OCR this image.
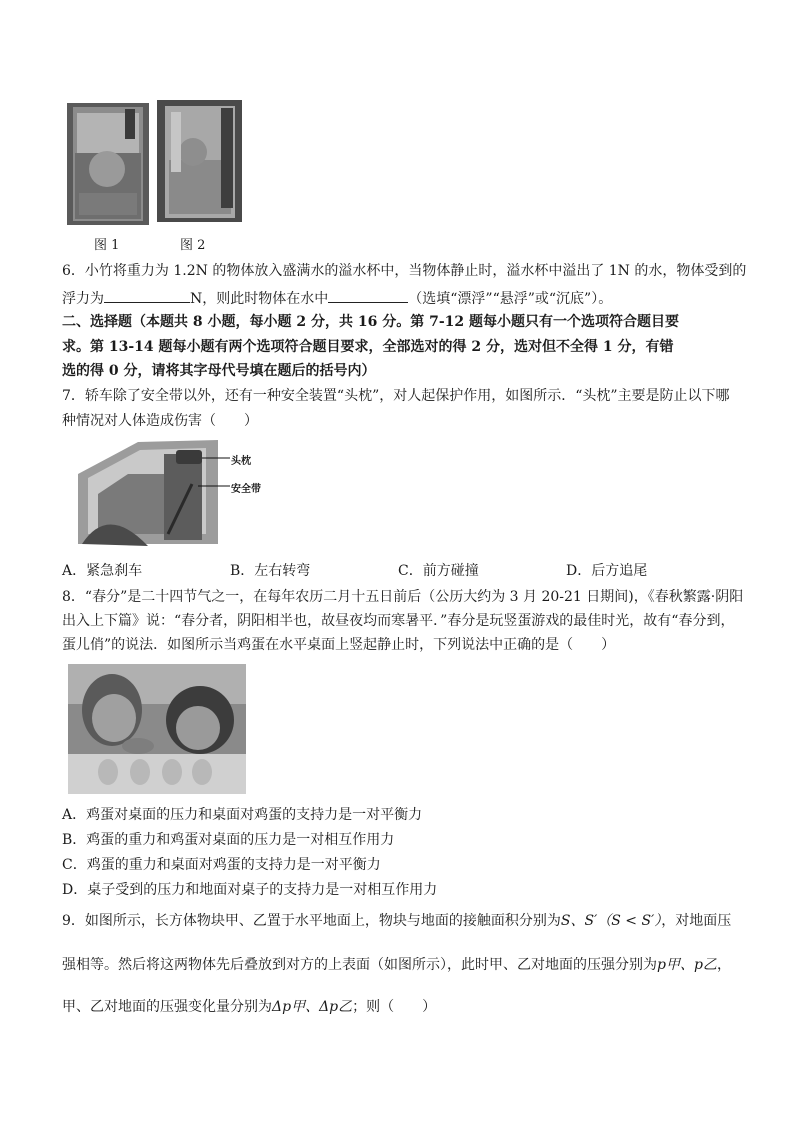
图 1	图 2
6．小竹将重力为 1.2N 的物体放入盛满水的溢水杯中，当物体静止时，溢水杯中溢出了 1N 的水，物体受到的
浮力为	N，则此时物体在水中	（选填“漂浮”“悬浮”或“沉底”）。
二、选择题（本题共 8 小题，每小题 2 分，共 16 分。第 7-12 题每小题只有一个选项符合题目要
求。第 13-14 题每小题有两个选项符合题目要求，全部选对的得 2 分，选对但不全得 1 分，有错
选的得 0 分，请将其字母代号填在题后的括号内）
7．轿车除了安全带以外，还有一种安全装置“头枕”，对人起保护作用，如图所示．“头枕”主要是防止以下哪
种情况对人体造成伤害（　　）
头枕
安全带
A．紧急刹车	B．左右转弯	C．前方碰撞	D．后方追尾
8．“春分”是二十四节气之一，在每年农历二月十五日前后（公历大约为 3 月 20-21 日期间)，《春秋繁露·阴阳
出入上下篇》说：“春分者，阴阳相半也，故昼夜均而寒暑平．”春分是玩竖蛋游戏的最佳时光，故有“春分到，
蛋儿俏”的说法．如图所示当鸡蛋在水平桌面上竖起静止时，下列说法中正确的是（　　）
A．鸡蛋对桌面的压力和桌面对鸡蛋的支持力是一对平衡力
B．鸡蛋的重力和鸡蛋对桌面的压力是一对相互作用力
C．鸡蛋的重力和桌面对鸡蛋的支持力是一对平衡力
D．桌子受到的压力和地面对桌子的支持力是一对相互作用力
9．如图所示，长方体物块甲、乙置于水平地面上，物块与地面的接触面积分别为S、S′（S < S′），对地面压
强相等。然后将这两物体先后叠放到对方的上表面（如图所示），此时甲、乙对地面的压强分别为p甲、p乙，
甲、乙对地面的压强变化量分别为Δp甲、Δp乙；则（　　）
